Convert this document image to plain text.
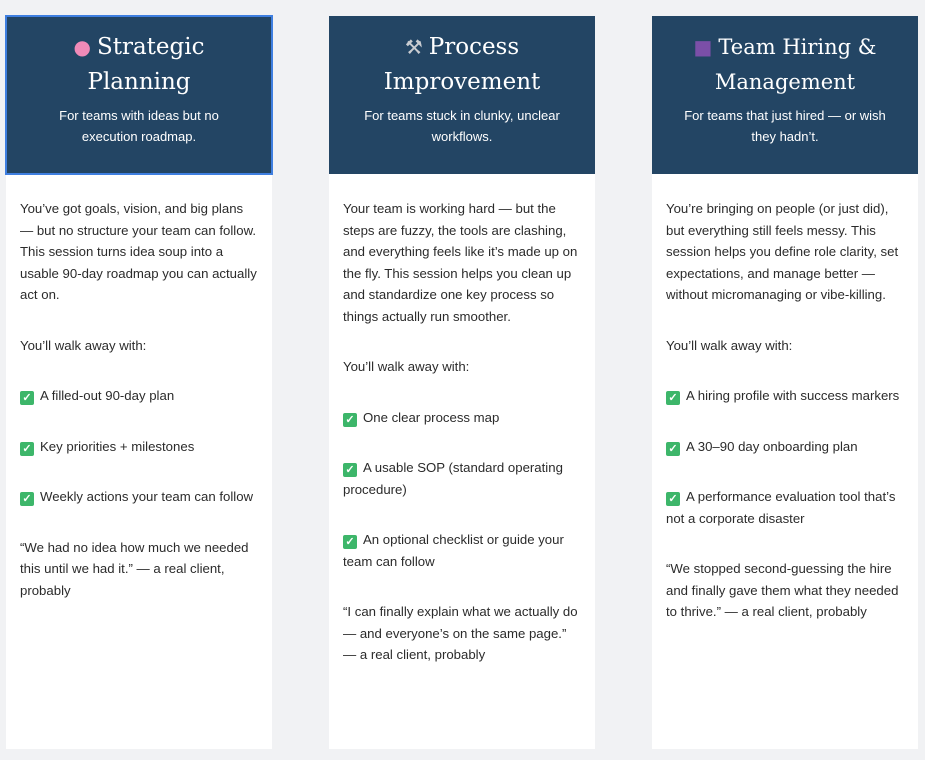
● Strategic Planning
For teams with ideas but no execution roadmap.

You’ve got goals, vision, and big plans — but no structure your team can follow. This session turns idea soup into a usable 90-day roadmap you can actually act on.

You’ll walk away with:

✓ A filled-out 90-day plan

✓ Key priorities + milestones

✓ Weekly actions your team can follow

“We had no idea how much we needed this until we had it.” — a real client, probably

⚒ Process Improvement
For teams stuck in clunky, unclear workflows.

Your team is working hard — but the steps are fuzzy, the tools are clashing, and everything feels like it’s made up on the fly. This session helps you clean up and standardize one key process so things actually run smoother.

You’ll walk away with:

✓ One clear process map

✓ A usable SOP (standard operating procedure)

✓ An optional checklist or guide your team can follow

“I can finally explain what we actually do — and everyone’s on the same page.” — a real client, probably

■ Team Hiring & Management
For teams that just hired — or wish they hadn’t.

You’re bringing on people (or just did), but everything still feels messy. This session helps you define role clarity, set expectations, and manage better — without micromanaging or vibe-killing.

You’ll walk away with:

✓ A hiring profile with success markers

✓ A 30–90 day onboarding plan

✓ A performance evaluation tool that’s not a corporate disaster

“We stopped second-guessing the hire and finally gave them what they needed to thrive.” — a real client, probably
